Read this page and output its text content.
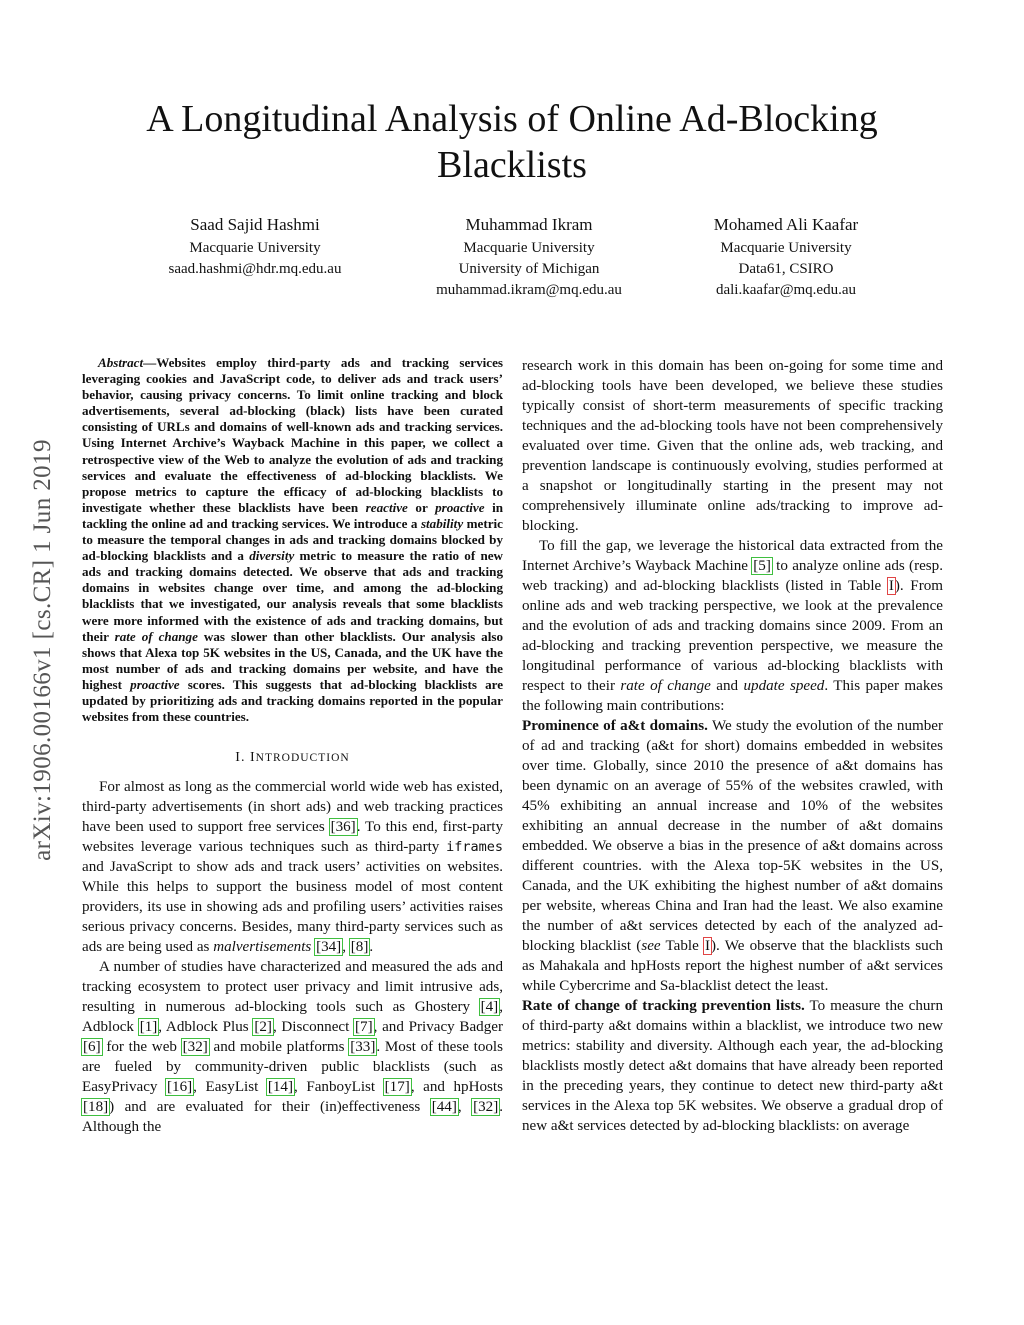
A Longitudinal Analysis of Online Ad-Blocking Blacklists
Saad Sajid Hashmi
Macquarie University
saad.hashmi@hdr.mq.edu.au
Muhammad Ikram
Macquarie University
University of Michigan
muhammad.ikram@mq.edu.au
Mohamed Ali Kaafar
Macquarie University
Data61, CSIRO
dali.kaafar@mq.edu.au
arXiv:1906.00166v1 [cs.CR] 1 Jun 2019

Abstract—Websites employ third-party ads and tracking services leveraging cookies and JavaScript code, to deliver ads and track users’ behavior, causing privacy concerns. To limit online tracking and block advertisements, several ad-blocking (black) lists have been curated consisting of URLs and domains of well-known ads and tracking services. Using Internet Archive’s Wayback Machine in this paper, we collect a retrospective view of the Web to analyze the evolution of ads and tracking services and evaluate the effectiveness of ad-blocking blacklists. We propose metrics to capture the efficacy of ad-blocking blacklists to investigate whether these blacklists have been reactive or proactive in tackling the online ad and tracking services. We introduce a stability metric to measure the temporal changes in ads and tracking domains blocked by ad-blocking blacklists and a diversity metric to measure the ratio of new ads and tracking domains detected. We observe that ads and tracking domains in websites change over time, and among the ad-blocking blacklists that we investigated, our analysis reveals that some blacklists were more informed with the existence of ads and tracking domains, but their rate of change was slower than other blacklists. Our analysis also shows that Alexa top 5K websites in the US, Canada, and the UK have the most number of ads and tracking domains per website, and have the highest proactive scores. This suggests that ad-blocking blacklists are updated by prioritizing ads and tracking domains reported in the popular websites from these countries.

I. INTRODUCTION

For almost as long as the commercial world wide web has existed, third-party advertisements (in short ads) and web tracking practices have been used to support free services [36]. To this end, first-party websites leverage various techniques such as third-party iframes and JavaScript to show ads and track users’ activities on websites. While this helps to support the business model of most content providers, its use in showing ads and profiling users’ activities raises serious privacy concerns. Besides, many third-party services such as ads are being used as malvertisements [34], [8].

A number of studies have characterized and measured the ads and tracking ecosystem to protect user privacy and limit intrusive ads, resulting in numerous ad-blocking tools such as Ghostery [4], Adblock [1], Adblock Plus [2], Disconnect [7], and Privacy Badger [6] for the web [32] and mobile platforms [33]. Most of these tools are fueled by community-driven public blacklists (such as EasyPrivacy [16], EasyList [14], FanboyList [17], and hpHosts [18]) and are evaluated for their (in)effectiveness [44], [32]. Although the

research work in this domain has been on-going for some time and ad-blocking tools have been developed, we believe these studies typically consist of short-term measurements of specific tracking techniques and the ad-blocking tools have not been comprehensively evaluated over time. Given that the online ads, web tracking, and prevention landscape is continuously evolving, studies performed at a snapshot or longitudinally starting in the present may not comprehensively illuminate online ads/tracking to improve ad-blocking.

To fill the gap, we leverage the historical data extracted from the Internet Archive’s Wayback Machine [5] to analyze online ads (resp. web tracking) and ad-blocking blacklists (listed in Table I). From online ads and web tracking perspective, we look at the prevalence and the evolution of ads and tracking domains since 2009. From an ad-blocking and tracking prevention perspective, we measure the longitudinal performance of various ad-blocking blacklists with respect to their rate of change and update speed. This paper makes the following main contributions:

Prominence of a&t domains. We study the evolution of the number of ad and tracking (a&t for short) domains embedded in websites over time. Globally, since 2010 the presence of a&t domains has been dynamic on an average of 55% of the websites crawled, with 45% exhibiting an annual increase and 10% of the websites exhibiting an annual decrease in the number of a&t domains embedded. We observe a bias in the presence of a&t domains across different countries. with the Alexa top-5K websites in the US, Canada, and the UK exhibiting the highest number of a&t domains per website, whereas China and Iran had the least. We also examine the number of a&t services detected by each of the analyzed ad-blocking blacklist (see Table I). We observe that the blacklists such as Mahakala and hpHosts report the highest number of a&t services while Cybercrime and Sa-blacklist detect the least.

Rate of change of tracking prevention lists. To measure the churn of third-party a&t domains within a blacklist, we introduce two new metrics: stability and diversity. Although each year, the ad-blocking blacklists mostly detect a&t domains that have already been reported in the preceding years, they continue to detect new third-party a&t services in the Alexa top 5K websites. We observe a gradual drop of new a&t services detected by ad-blocking blacklists: on average
